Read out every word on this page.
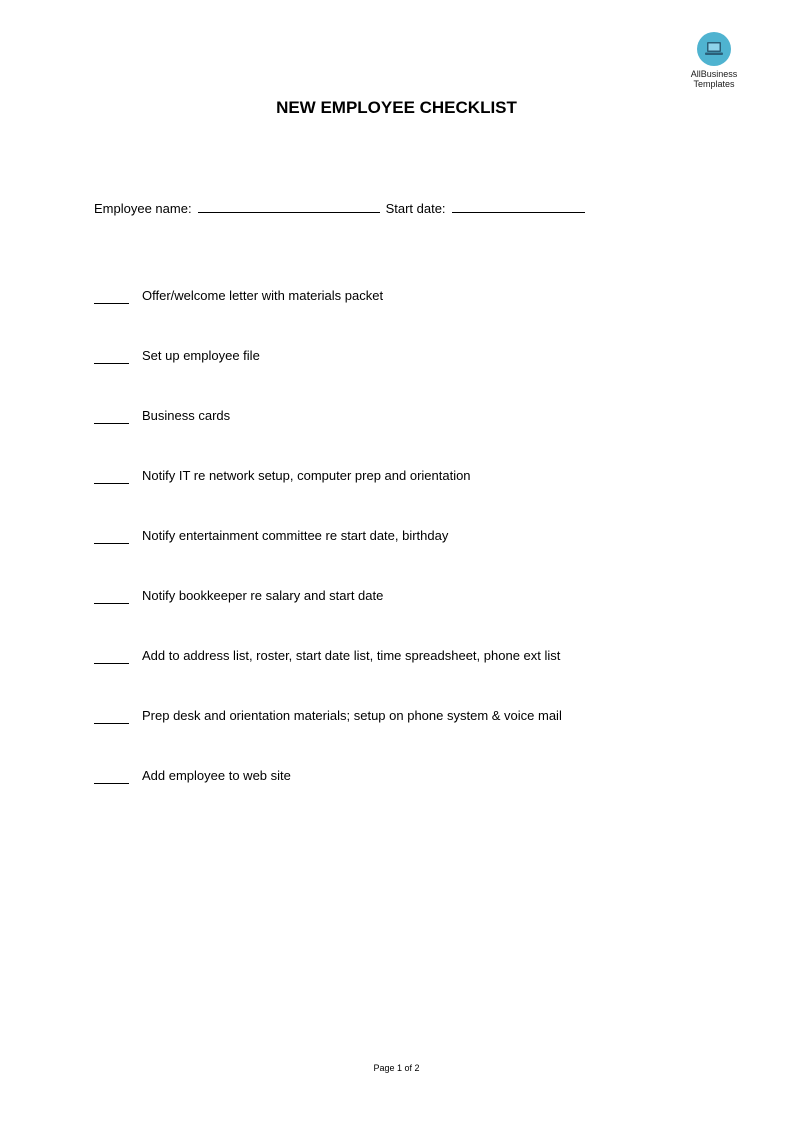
AllBusiness
Templates
NEW EMPLOYEE CHECKLIST
Employee name:	Start date:
Offer/welcome letter with materials packet
Set up employee file
Business cards
Notify IT re network setup, computer prep and orientation
Notify entertainment committee re start date, birthday
Notify bookkeeper re salary and start date
Add to address list, roster, start date list, time spreadsheet, phone ext list
Prep desk and orientation materials; setup on phone system & voice mail
Add employee to web site
Page 1 of 2
